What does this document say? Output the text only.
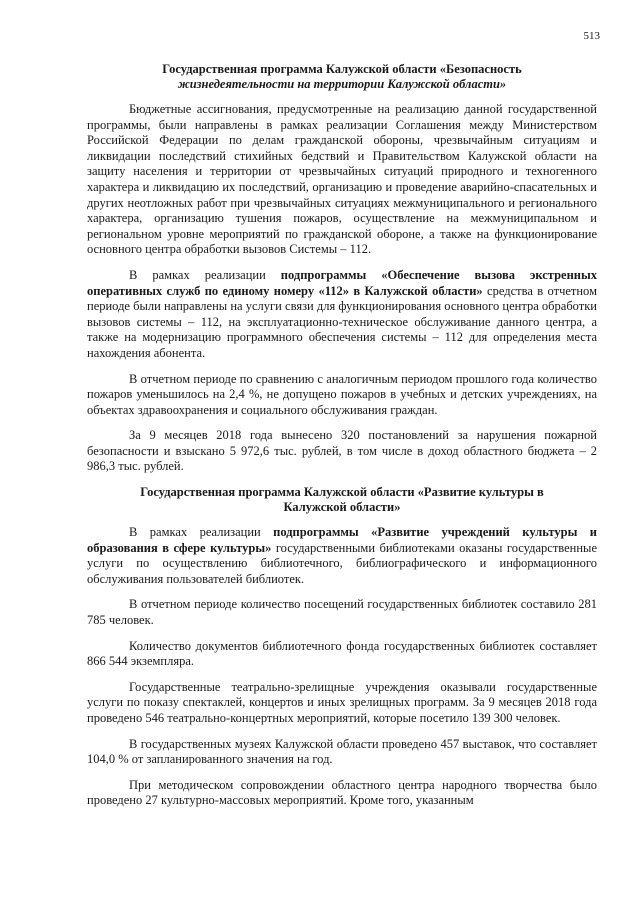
513
Государственная программа Калужской области «Безопасность
жизнедеятельности на территории Калужской области»

Бюджетные ассигнования, предусмотренные на реализацию данной государственной программы, были направлены в рамках реализации Соглашения между Министерством Российской Федерации по делам гражданской обороны, чрезвычайным ситуациям и ликвидации последствий стихийных бедствий и Правительством Калужской области на защиту населения и территории от чрезвычайных ситуаций природного и техногенного характера и ликвидацию их последствий, организацию и проведение аварийно-спасательных и других неотложных работ при чрезвычайных ситуациях межмуниципального и регионального характера, организацию тушения пожаров, осуществление на межмуниципальном и региональном уровне мероприятий по гражданской обороне, а также на функционирование основного центра обработки вызовов Системы – 112.

В рамках реализации подпрограммы «Обеспечение вызова экстренных оперативных служб по единому номеру «112» в Калужской области» средства в отчетном периоде были направлены на услуги связи для функционирования основного центра обработки вызовов системы – 112, на эксплуатационно-техническое обслуживание данного центра, а также на модернизацию программного обеспечения системы – 112 для определения места нахождения абонента.

В отчетном периоде по сравнению с аналогичным периодом прошлого года количество пожаров уменьшилось на 2,4 %, не допущено пожаров в учебных и детских учреждениях, на объектах здравоохранения и социального обслуживания граждан.

За 9 месяцев 2018 года вынесено 320 постановлений за нарушения пожарной безопасности и взыскано 5 972,6 тыс. рублей, в том числе в доход областного бюджета – 2 986,3 тыс. рублей.

Государственная программа Калужской области «Развитие культуры в
Калужской области»

В рамках реализации подпрограммы «Развитие учреждений культуры и образования в сфере культуры» государственными библиотеками оказаны государственные услуги по осуществлению библиотечного, библиографического и информационного обслуживания пользователей библиотек.

В отчетном периоде количество посещений государственных библиотек составило 281 785 человек.

Количество документов библиотечного фонда государственных библиотек составляет 866 544 экземпляра.

Государственные театрально-зрелищные учреждения оказывали государственные услуги по показу спектаклей, концертов и иных зрелищных программ. За 9 месяцев 2018 года проведено 546 театрально-концертных мероприятий, которые посетило 139 300 человек.

В государственных музеях Калужской области проведено 457 выставок, что составляет 104,0 % от запланированного значения на год.

При методическом сопровождении областного центра народного творчества было проведено 27 культурно-массовых мероприятий. Кроме того, указанным
